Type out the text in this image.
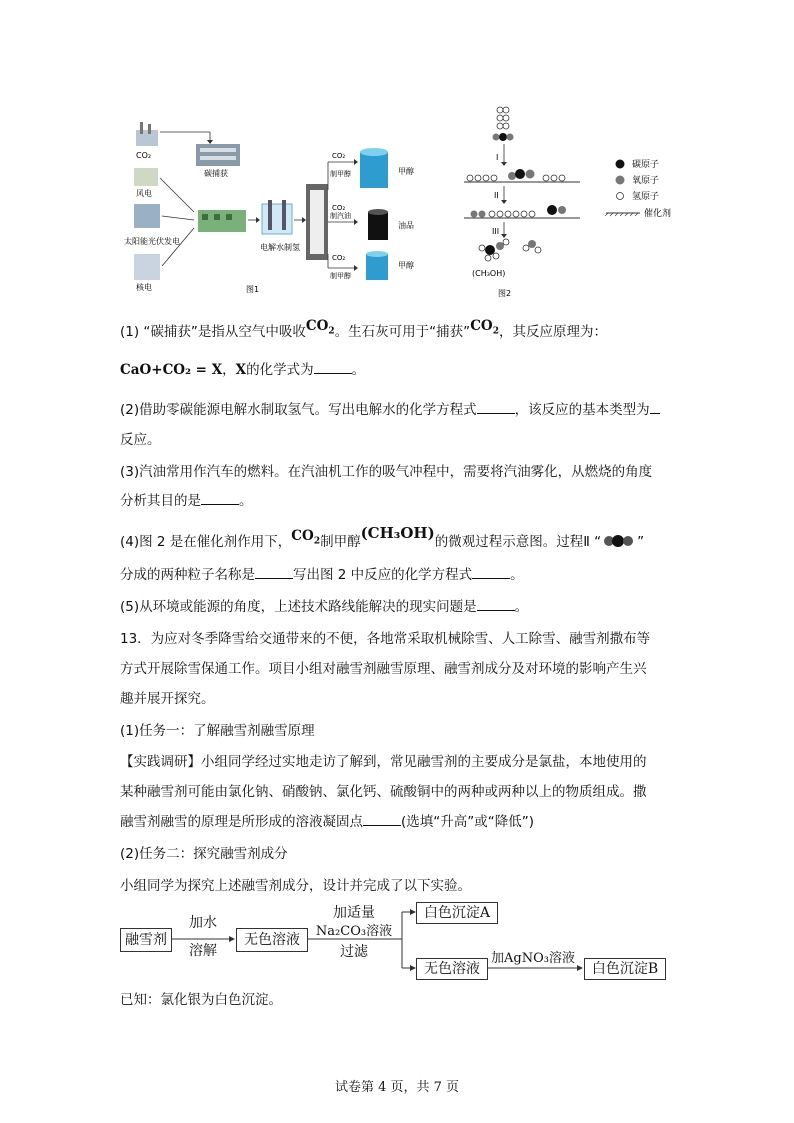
CO₂
碳捕获
风电
太阳能光伏发电
核电
电解水制氢
CO₂
制甲醇
CO₂
制汽油
CO₂
制甲醇
甲醇
油品
甲醇
图1
I
II
III
(CH₃OH)
图2
碳原子
氧原子
氢原子
催化剂
(1) “碳捕获”是指从空气中吸收$CO_2$。生石灰可用于“捕获$”CO_2$，其反应原理为：
CaO+CO₂ = X，X的化学式为	。
(2)借助零碳能源电解水制取氢气。写出电解水的化学方程式	，该反应的基本类型为
反应。
(3)汽油常用作汽车的燃料。在汽油机工作的吸气冲程中，需要将汽油雾化，从燃烧的角度
分析其目的是	。
(4)图 2 是在催化剂作用下，$CO_2$制甲醇(CH₃OH)的微观过程示意图。过程Ⅱ “	”
分成的两种粒子名称是	写出图 2 中反应的化学方程式	。
(5)从环境或能源的角度，上述技术路线能解决的现实问题是	。
13．为应对冬季降雪给交通带来的不便，各地常采取机械除雪、人工除雪、融雪剂撒布等
方式开展除雪保通工作。项目小组对融雪剂融雪原理、融雪剂成分及对环境的影响产生兴
趣并展开探究。
(1)任务一：了解融雪剂融雪原理
【实践调研】小组同学经过实地走访了解到，常见融雪剂的主要成分是氯盐，本地使用的
某种融雪剂可能由氯化钠、硝酸钠、氯化钙、硫酸铜中的两种或两种以上的物质组成。撒
融雪剂融雪的原理是所形成的溶液凝固点	(选填“升高”或“降低”)
(2)任务二：探究融雪剂成分
小组同学为探究上述融雪剂成分，设计并完成了以下实验。
融雪剂
加水
溶解
无色溶液
加适量
Na₂CO₃溶液
过滤
白色沉淀A
无色溶液
加AgNO₃溶液
白色沉淀B
已知：氯化银为白色沉淀。
试卷第 4 页，共 7 页
